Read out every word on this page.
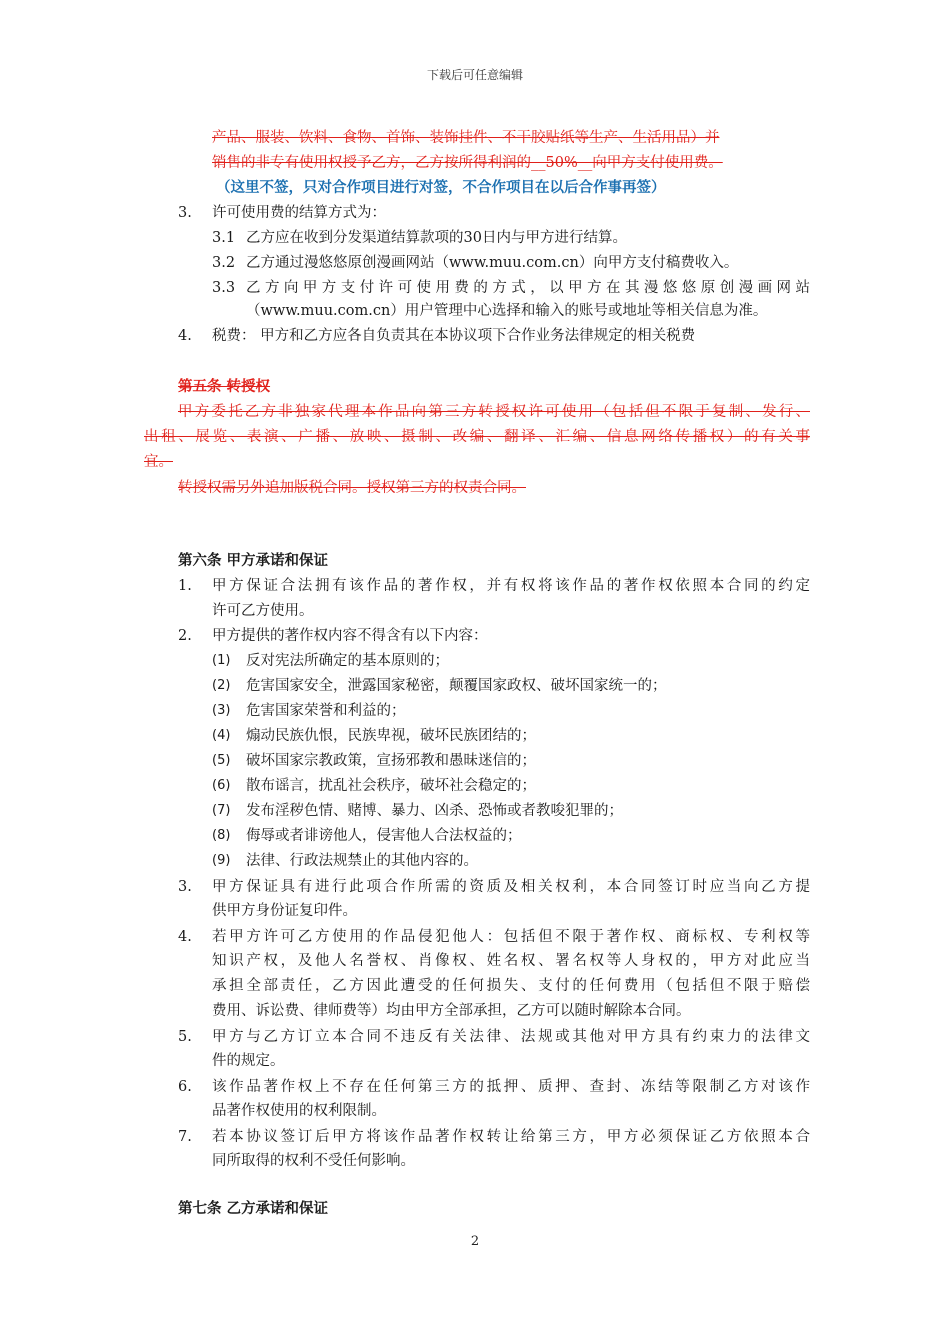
下载后可任意编辑
产品、服装、饮料、食物、首饰、装饰挂件、不干胶贴纸等生产、生活用品）并
销售的非专有使用权授予乙方，乙方按所得利润的__50%__向甲方支付使用费。
（这里不签，只对合作项目进行对签，不合作项目在以后合作事再签）
3. 许可使用费的结算方式为：
3.1 乙方应在收到分发渠道结算款项的30日内与甲方进行结算。
3.2 乙方通过漫悠悠原创漫画网站（www.muu.com.cn）向甲方支付稿费收入。
3.3 乙方向甲方支付许可使用费的方式，以甲方在其漫悠悠原创漫画网站
（www.muu.com.cn）用户管理中心选择和输入的账号或地址等相关信息为准。
4. 税费： 甲方和乙方应各自负责其在本协议项下合作业务法律规定的相关税费
第五条 转授权
甲方委托乙方非独家代理本作品向第三方转授权许可使用（包括但不限于复制、发行、
出租、展览、表演、广播、放映、摄制、改编、翻译、汇编、信息网络传播权）的有关事
宜。
转授权需另外追加版税合同。授权第三方的权责合同。
第六条 甲方承诺和保证
1. 甲方保证合法拥有该作品的著作权，并有权将该作品的著作权依照本合同的约定
许可乙方使用。
2. 甲方提供的著作权内容不得含有以下内容：
(1) 反对宪法所确定的基本原则的；
(2) 危害国家安全，泄露国家秘密，颠覆国家政权、破坏国家统一的；
(3) 危害国家荣誉和利益的；
(4) 煽动民族仇恨，民族卑视，破坏民族团结的；
(5) 破坏国家宗教政策，宣扬邪教和愚昧迷信的；
(6) 散布谣言，扰乱社会秩序，破坏社会稳定的；
(7) 发布淫秽色情、赌博、暴力、凶杀、恐怖或者教唆犯罪的；
(8) 侮辱或者诽谤他人，侵害他人合法权益的；
(9) 法律、行政法规禁止的其他内容的。
3. 甲方保证具有进行此项合作所需的资质及相关权利，本合同签订时应当向乙方提
供甲方身份证复印件。
4. 若甲方许可乙方使用的作品侵犯他人：包括但不限于著作权、商标权、专利权等
知识产权，及他人名誉权、肖像权、姓名权、署名权等人身权的，甲方对此应当
承担全部责任，乙方因此遭受的任何损失、支付的任何费用（包括但不限于赔偿
费用、诉讼费、律师费等）均由甲方全部承担，乙方可以随时解除本合同。
5. 甲方与乙方订立本合同不违反有关法律、法规或其他对甲方具有约束力的法律文
件的规定。
6. 该作品著作权上不存在任何第三方的抵押、质押、查封、冻结等限制乙方对该作
品著作权使用的权利限制。
7. 若本协议签订后甲方将该作品著作权转让给第三方，甲方必须保证乙方依照本合
同所取得的权利不受任何影响。
第七条 乙方承诺和保证
2
